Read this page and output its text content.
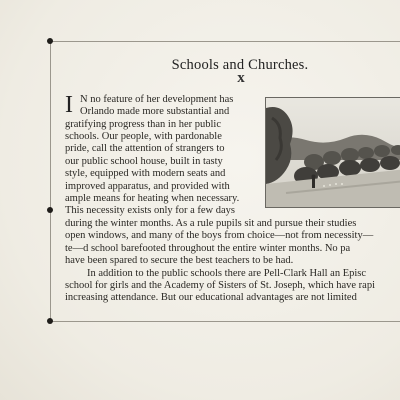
Schools and Churches.
x
I N no feature of her development has
Orlando made more substantial and
gratifying progress than in her public
schools. Our people, with pardonable
pride, call the attention of strangers to
our public school house, built in tasty
style, equipped with modern seats and
improved apparatus, and provided with
ample means for heating when necessary.
This necessity exists only for a few days
during the winter months. As a rule pupils sit and pursue their studies
open windows, and many of the boys from choice—not from necessity—
te—d school barefooted throughout the entire winter months. No pa
have been spared to secure the best teachers to be had.
In addition to the public schools there are Pell-Clark Hall an Episc
school for girls and the Academy of Sisters of St. Joseph, which have rapi
increasing attendance. But our educational advantages are not limited
